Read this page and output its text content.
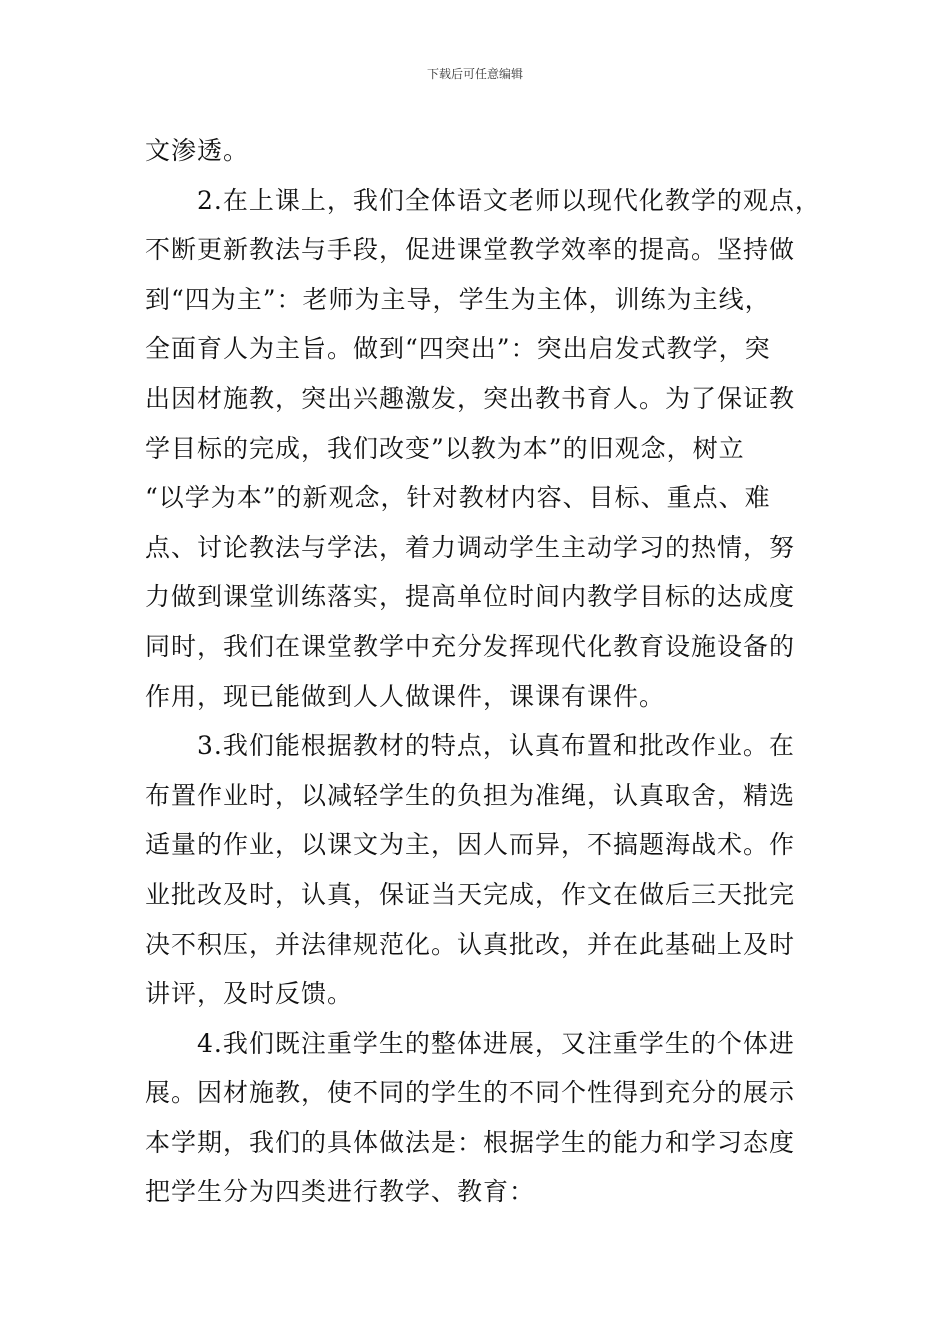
下载后可任意编辑
文渗透。
2.在上课上，我们全体语文老师以现代化教学的观点，
不断更新教法与手段，促进课堂教学效率的提高。坚持做
到“四为主”：老师为主导，学生为主体，训练为主线，
全面育人为主旨。做到“四突出”：突出启发式教学，突
出因材施教，突出兴趣激发，突出教书育人。为了保证教
学目标的完成，我们改变”以教为本”的旧观念，树立
“以学为本”的新观念，针对教材内容、目标、重点、难
点、讨论教法与学法，着力调动学生主动学习的热情，努
力做到课堂训练落实，提高单位时间内教学目标的达成度
同时，我们在课堂教学中充分发挥现代化教育设施设备的
作用，现已能做到人人做课件，课课有课件。
3.我们能根据教材的特点，认真布置和批改作业。在
布置作业时，以减轻学生的负担为准绳，认真取舍，精选
适量的作业，以课文为主，因人而异，不搞题海战术。作
业批改及时，认真，保证当天完成，作文在做后三天批完
决不积压，并法律规范化。认真批改，并在此基础上及时
讲评，及时反馈。
4.我们既注重学生的整体进展，又注重学生的个体进
展。因材施教，使不同的学生的不同个性得到充分的展示
本学期，我们的具体做法是：根据学生的能力和学习态度
把学生分为四类进行教学、教育：
